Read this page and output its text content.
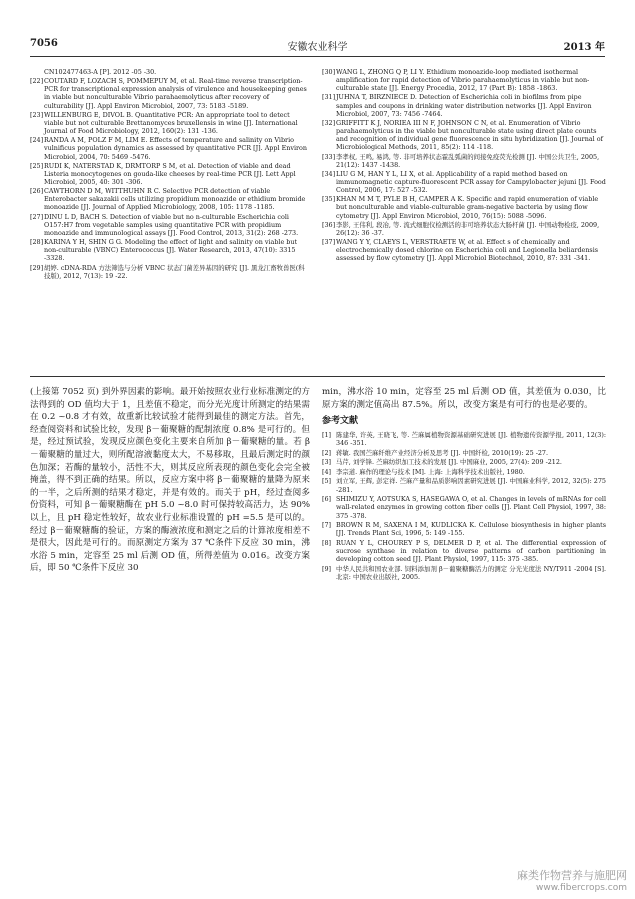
7056	安徽农业科学	2013 年
CN102477463-A [P]. 2012 -05 -30.
[22]COUTARD F, LOZACH S, POMMEPUY M, et al. Real-time reverse transcription-PCR for transcriptional expression analysis of virulence and housekeeping genes in viable but nonculturable Vibrio parahaemolyticus after recovery of culturability [J]. Appl Environ Microbiol, 2007, 73: 5183 -5189.
[23]WILLENBURG E, DIVOL B. Quantitative PCR: An appropriate tool to detect viable but not culturable Brettanomyces bruxellensis in wine [J]. International Journal of Food Microbiology, 2012, 160(2): 131 -136.
[24]RANDA A M, POLZ F M, LIM E. Effects of temperature and salinity on Vibrio vulnificus population dynamics as assessed by quantitative PCR [J]. Appl Environ Microbiol, 2004, 70: 5469 -5476.
[25]RUDI K, NATERSTAD K, DRMTORP S M, et al. Detection of viable and dead Listeria monocytogenes on gouda-like cheeses by real-time PCR [J]. Lett Appl Microbiol, 2005, 40: 301 -306.
[26]CAWTHORN D M, WITTHUHN R C. Selective PCR detection of viable Enterobacter sakazakii cells utilizing propidium monoazide or ethidium bromide monoazide [J]. Journal of Applied Microbiology, 2008, 105: 1178 -1185.
[27]DINU L D, BACH S. Detection of viable but no n-culturable Escherichia coli O157:H7 from vegetable samples using quantitative PCR with propidium monoazide and immunological assays [J]. Food Control, 2013, 31(2): 268 -273.
[28]KARINA Y H, SHIN G G. Modeling the effect of light and salinity on viable but non-culturable (VBNC) Enterococcus [J]. Water Research, 2013, 47(10): 3315 -3328.
[29]胡婷. cDNA-RDA 方法筛选与分析 VBNC 状态门菌差异基因的研究 [J]. 黑龙江畜牧兽医(科技版), 2012, 7(13): 19 -22.
[30]WANG L, ZHONG Q P, LI Y. Ethidium monoazide-loop mediated isothermal amplification for rapid detection of Vibrio parahaemolyticus in viable but non-culturable state [J]. Energy Procedia, 2012, 17 (Part B): 1858 -1863.
[31]JUHNA T, BIRZNIECE D. Detection of Escherichia coli in biofilms from pipe samples and coupons in drinking water distribution networks [J]. Appl Environ Microbiol, 2007, 73: 7456 -7464.
[32]GRIFFITT K J, NORIEA III N F, JOHNSON C N, et al. Enumeration of Vibrio parahaemolyticus in the viable but nonculturable state using direct plate counts and recognition of individual gene fluorescence in situ hybridization [J]. Journal of Microbiological Methods, 2011, 85(2): 114 -118.
[33]李孝权, 王鸣, 易鸿, 等. 非可培养状态霍乱弧菌的间接免疫荧光检测 [J]. 中国公共卫生, 2005, 21(12): 1437 -1438.
[34]LIU G M, HAN Y L, LI X, et al. Applicability of a rapid method based on immunomagnetic capture-fluorescent PCR assay for Campylobacter jejuni [J]. Food Control, 2006, 17: 527 -532.
[35]KHAN M M T, PYLE B H, CAMPER A K. Specific and rapid enumeration of viable but nonculturable and viable-culturable gram-negative bacteria by using flow cytometry [J]. Appl Environ Microbiol, 2010, 76(15): 5088 -5096.
[36]李影, 王伟利, 段冶, 等. 流式细胞仪检测活的非可培养状态大肠杆菌 [J]. 中国动物检疫, 2009, 26(12): 36 -37.
[37]WANG Y Y, CLAEYS L, VERSTRAETE W, et al. Effect s of chemically and electrochemically dosed chlorine on Escherichia coli and Legionella beliardensis assessed by flow cytometry [J]. Appl Microbiol Biotechnol, 2010, 87: 331 -341.
(上接第 7052 页) 到外界因素的影响。最开始按照农业行业标准测定的方法得到的 OD 值均大于 1，且差值不稳定，而分光光度计所测定的结果需在 0.2 ~0.8 才有效，故重新比较试验才能得到最佳的测定方法。首先，经查阅资料和试验比较，发现 β－葡聚糖的配制浓度 0.8% 是可行的。但是，经过预试验，发现反应颜色变化主要来自所加 β－葡聚糖的量。若 β－葡聚糖的量过大，则所配溶液黏度太大，不易移取，且最后测定时的颜色加深；若酶的量较小，活性不大，则其反应所表现的颜色变化会完全被掩盖，得不到正确的结果。所以，反应方案中将 β－葡聚糖的量降为原来的一半，之后所测的结果才稳定，并是有效的。而关于 pH，经过查阅多份资料，可知 β－葡聚糖酶在 pH 5.0 ~8.0 时可保持较高活力，达 90% 以上，且 pH 稳定性较好，故农业行业标准设置的 pH =5.5 是可以的。经过 β－葡聚糖酶的验证，方案的酶液浓度和测定之后的计算浓度相差不是很大，因此是可行的。而原测定方案为 37 ℃条件下反应 30 min，沸水浴 5 min，定容至 25 ml 后测 OD 值，所得差值为 0.016。改变方案后，即 50 ℃条件下反应 30
min，沸水浴 10 min，定容至 25 ml 后测 OD 值，其差值为 0.030，比原方案的测定值高出 87.5%。所以，改变方案是有可行的也是必要的。
参考文献
[1] 陈建华, 许英, 王晓飞, 等. 苎麻属植物资源基础研究进展 [J]. 植物遗传资源学报, 2011, 12(3): 346 -351.
[2] 蒋敏. 我国苎麻纤维产业经济分析及思考 [J]. 中国纤检, 2010(19): 25 -27.
[3] 马芹, 刘学锋. 苎麻纺织加工技术的发展 [J]. 中国麻业, 2005, 27(4): 209 -212.
[4] 李宗道. 麻作的理论与技术 [M]. 上海: 上海科学技术出版社, 1980.
[5] 刘立军, 王辉, 彭定祥. 苎麻产量和品质影响因素研究进展 [J]. 中国麻业科学, 2012, 32(5): 275 -281.
[6] SHIMIZU Y, AOTSUKA S, HASEGAWA O, et al. Changes in levels of mRNAs for cell wall-related enzymes in growing cotton fiber cells [J]. Plant Cell Physiol, 1997, 38: 375 -378.
[7] BROWN R M, SAXENA I M, KUDLICKA K. Cellulose biosynthesis in higher plants [J]. Trends Plant Sci, 1996, 5: 149 -155.
[8] RUAN Y L, CHOUREY P S, DELMER D P, et al. The differential expression of sucrose synthase in relation to diverse patterns of carbon partitioning in developing cotton seed [J]. Plant Physiol, 1997, 115: 375 -385.
[9] 中华人民共和国农业部. 饲料添加剂 β－葡聚糖酶活力的测定 分光光度法 NY/T911 -2004 [S]. 北京: 中国农业出版社, 2005.
麻类作物营养与施肥网
www.fibercrops.com
